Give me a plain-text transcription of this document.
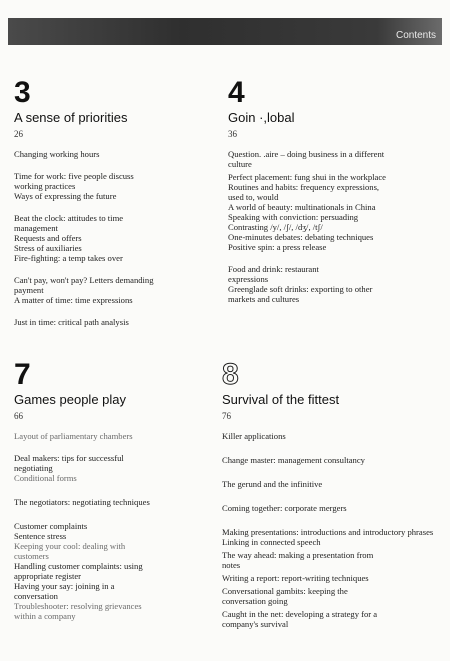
Contents
3
A sense of priorities
26
Changing working hours
Time for work: five people discuss working practices
Ways of expressing the future
Beat the clock: attitudes to time management
Requests and offers
Stress of auxiliaries
Fire-fighting: a temp takes over
Can't pay, won't pay? Letters demanding payment
A matter of time: time expressions
Just in time: critical path analysis
4
Goin ·,lobal
36
Question. .aire – doing business in a different culture
Perfect placement: fung shui in the workplace
Routines and habits: frequency expressions, used to, would
A world of beauty: multinationals in China
Speaking with conviction: persuading
Contrasting /y/, /ʃ/, /dʒ/, /tʃ/
One-minutes debates: debating techniques
Positive spin: a press release
Food and drink: restaurant expressions
Greenglade soft drinks: exporting to other markets and cultures
7
Games people play
66
Layout of parliamentary chambers
Deal makers: tips for successful negotiating
Conditional forms
The negotiators: negotiating techniques
Customer complaints
Sentence stress
Keeping your cool: dealing with customers
Handling customer complaints: using appropriate register
Having your say: joining in a conversation
Troubleshooter: resolving grievances within a company
8
Survival of the fittest
76
Killer applications
Change master: management consultancy
The gerund and the infinitive
Coming together: corporate mergers
Making presentations: introductions and introductory phrases
Linking in connected speech
The way ahead: making a presentation from notes
Writing a report: report-writing techniques
Conversational gambits: keeping the conversation going
Caught in the net: developing a strategy for a company's survival
